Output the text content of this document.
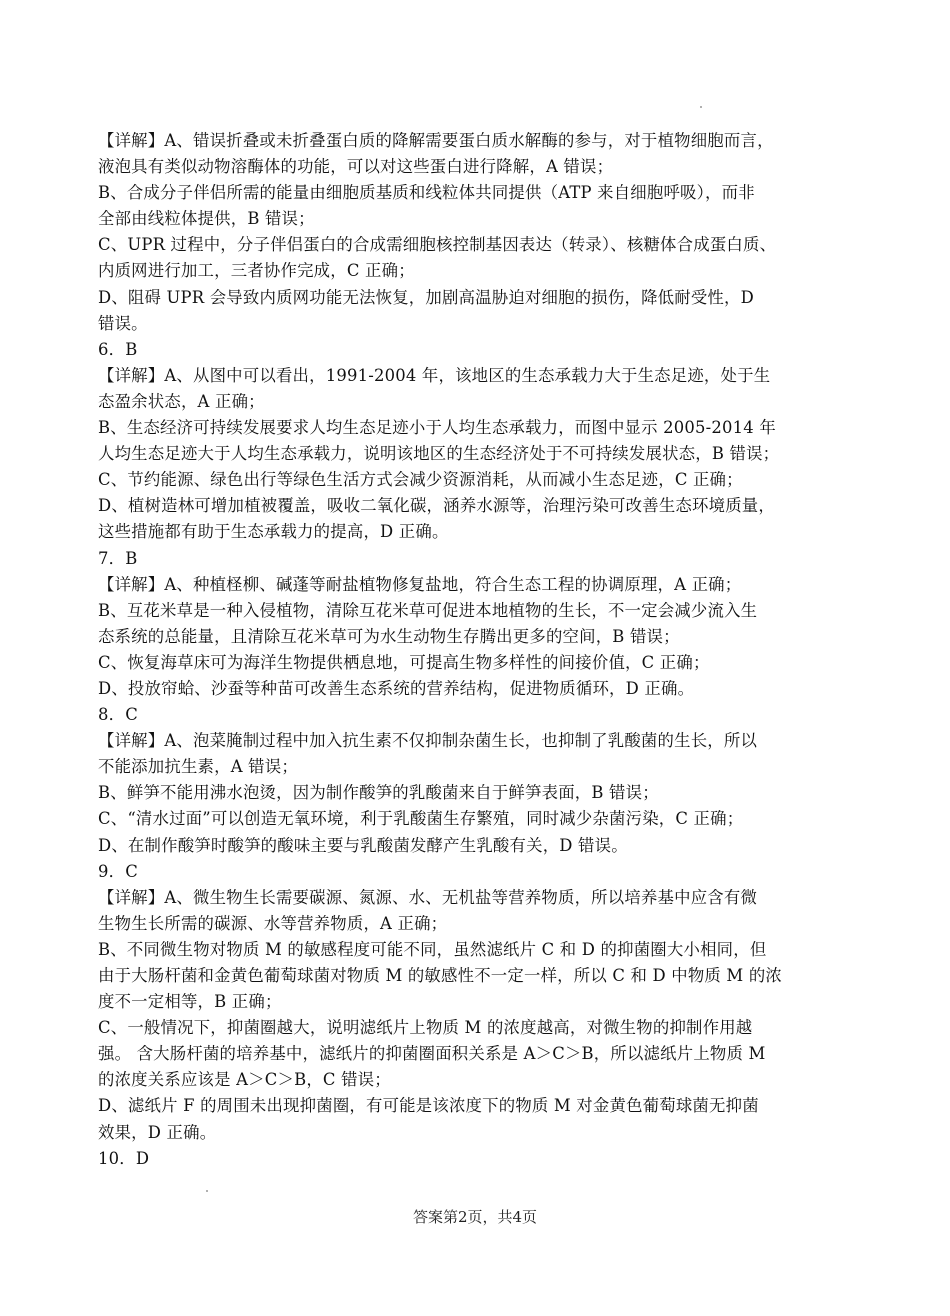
【详解】A、错误折叠或未折叠蛋白质的降解需要蛋白质水解酶的参与，对于植物细胞而言，

液泡具有类似动物溶酶体的功能，可以对这些蛋白进行降解，A 错误；

B、合成分子伴侣所需的能量由细胞质基质和线粒体共同提供（ATP 来自细胞呼吸），而非

全部由线粒体提供，B 错误；

C、UPR 过程中，分子伴侣蛋白的合成需细胞核控制基因表达（转录）、核糖体合成蛋白质、

内质网进行加工，三者协作完成，C 正确；

D、阻碍 UPR 会导致内质网功能无法恢复，加剧高温胁迫对细胞的损伤，降低耐受性，D

错误。

6．B

【详解】A、从图中可以看出，1991-2004 年，该地区的生态承载力大于生态足迹，处于生

态盈余状态，A 正确；

B、生态经济可持续发展要求人均生态足迹小于人均生态承载力，而图中显示 2005-2014 年

人均生态足迹大于人均生态承载力，说明该地区的生态经济处于不可持续发展状态，B 错误；

C、节约能源、绿色出行等绿色生活方式会减少资源消耗，从而减小生态足迹，C 正确；

D、植树造林可增加植被覆盖，吸收二氧化碳，涵养水源等，治理污染可改善生态环境质量，

这些措施都有助于生态承载力的提高，D 正确。

7．B

【详解】A、种植柽柳、碱蓬等耐盐植物修复盐地，符合生态工程的协调原理，A 正确；

B、互花米草是一种入侵植物，清除互花米草可促进本地植物的生长，不一定会减少流入生

态系统的总能量，且清除互花米草可为水生动物生存腾出更多的空间，B 错误；

C、恢复海草床可为海洋生物提供栖息地，可提高生物多样性的间接价值，C 正确；

D、投放帘蛤、沙蚕等种苗可改善生态系统的营养结构，促进物质循环，D 正确。

8．C

【详解】A、泡菜腌制过程中加入抗生素不仅抑制杂菌生长，也抑制了乳酸菌的生长，所以

不能添加抗生素，A 错误；

B、鲜笋不能用沸水泡烫，因为制作酸笋的乳酸菌来自于鲜笋表面，B 错误；

C、“清水过面”可以创造无氧环境，利于乳酸菌生存繁殖，同时减少杂菌污染，C 正确；

D、在制作酸笋时酸笋的酸味主要与乳酸菌发酵产生乳酸有关，D 错误。

9．C

【详解】A、微生物生长需要碳源、氮源、水、无机盐等营养物质，所以培养基中应含有微

生物生长所需的碳源、水等营养物质，A 正确；

B、不同微生物对物质 M 的敏感程度可能不同，虽然滤纸片 C 和 D 的抑菌圈大小相同，但

由于大肠杆菌和金黄色葡萄球菌对物质 M 的敏感性不一定一样，所以 C 和 D 中物质 M 的浓

度不一定相等，B 正确；

C、一般情况下，抑菌圈越大，说明滤纸片上物质 M 的浓度越高，对微生物的抑制作用越

强。 含大肠杆菌的培养基中，滤纸片的抑菌圈面积关系是 A＞C＞B，所以滤纸片上物质 M

的浓度关系应该是 A＞C＞B，C 错误；

D、滤纸片 F 的周围未出现抑菌圈，有可能是该浓度下的物质 M 对金黄色葡萄球菌无抑菌

效果，D 正确。

10．D

答案第2页，共4页
